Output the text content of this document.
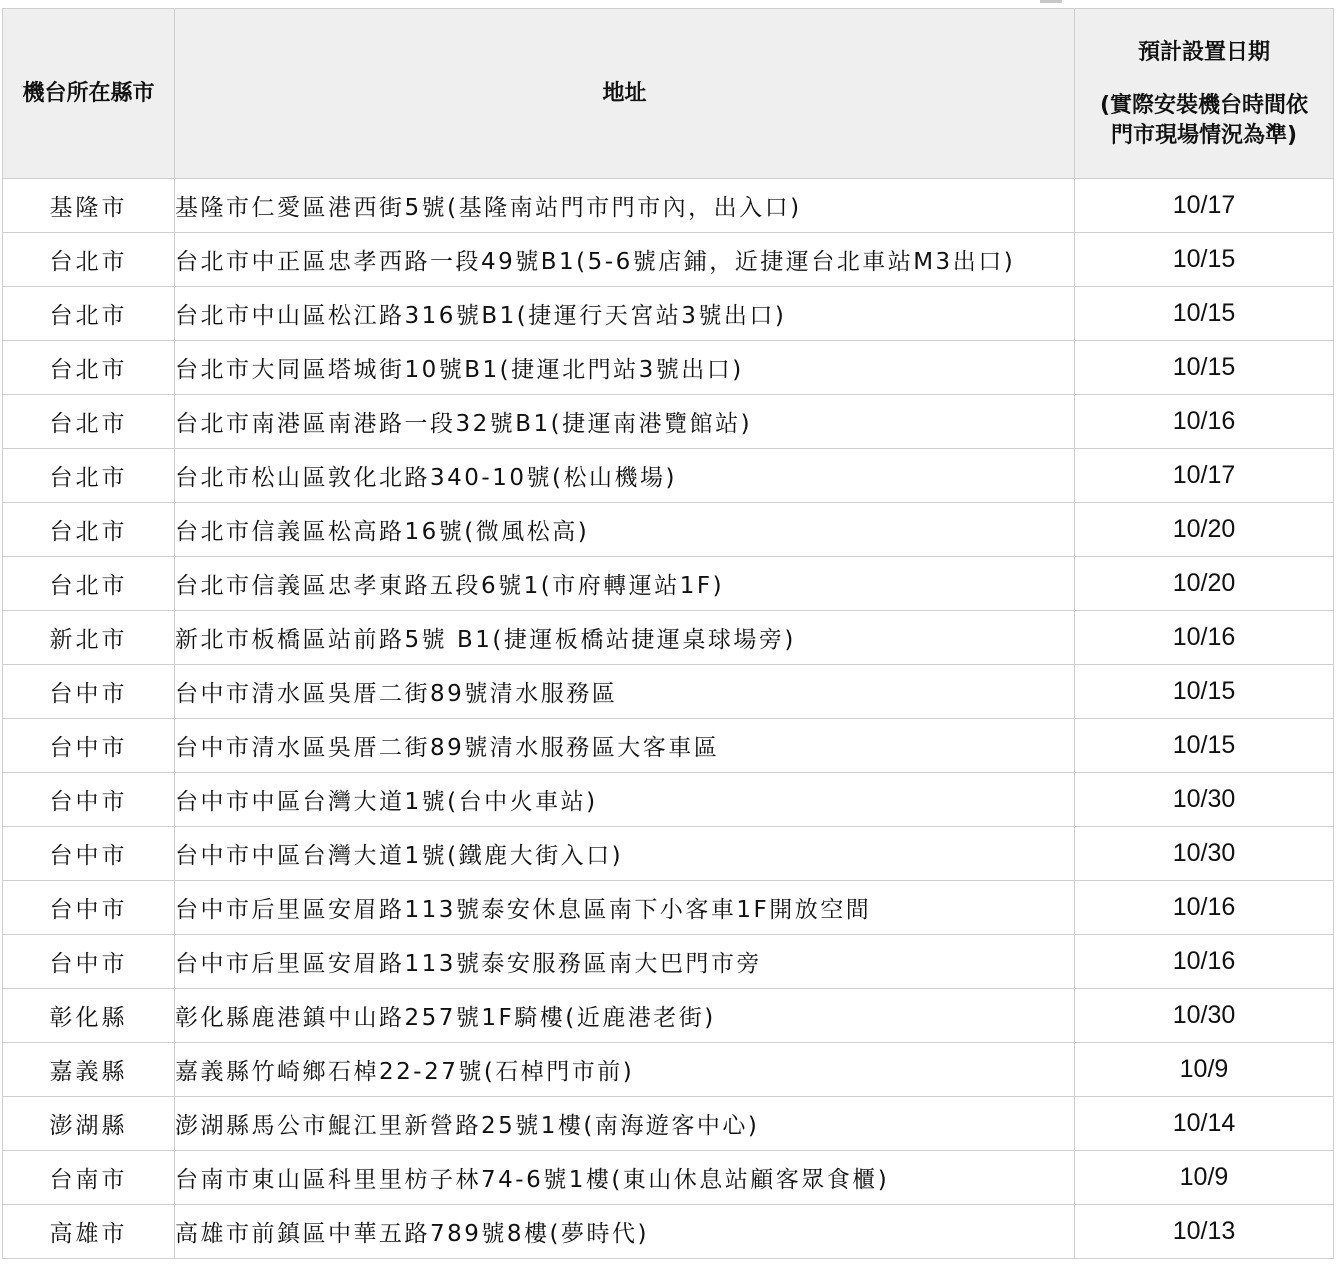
機台所在縣市	地址	預計設置日期
(實際安裝機台時間依門市現場情況為準)

基隆市	基隆市仁愛區港西街5號(基隆南站門市門市內，出入口)	10/17
台北市	台北市中正區忠孝西路一段49號B1(5-6號店鋪，近捷運台北車站M3出口)	10/15
台北市	台北市中山區松江路316號B1(捷運行天宮站3號出口)	10/15
台北市	台北市大同區塔城街10號B1(捷運北門站3號出口)	10/15
台北市	台北市南港區南港路一段32號B1(捷運南港覽館站)	10/16
台北市	台北市松山區敦化北路340-10號(松山機場)	10/17
台北市	台北市信義區松高路16號(微風松高)	10/20
台北市	台北市信義區忠孝東路五段6號1(市府轉運站1F)	10/20
新北市	新北市板橋區站前路5號 B1(捷運板橋站捷運桌球場旁)	10/16
台中市	台中市清水區吳厝二街89號清水服務區	10/15
台中市	台中市清水區吳厝二街89號清水服務區大客車區	10/15
台中市	台中市中區台灣大道1號(台中火車站)	10/30
台中市	台中市中區台灣大道1號(鐵鹿大街入口)	10/30
台中市	台中市后里區安眉路113號泰安休息區南下小客車1F開放空間	10/16
台中市	台中市后里區安眉路113號泰安服務區南大巴門市旁	10/16
彰化縣	彰化縣鹿港鎮中山路257號1F騎樓(近鹿港老街)	10/30
嘉義縣	嘉義縣竹崎鄉石棹22-27號(石棹門市前)	10/9
澎湖縣	澎湖縣馬公市鯤江里新營路25號1樓(南海遊客中心)	10/14
台南市	台南市東山區科里里枋子林74-6號1樓(東山休息站顧客眾食櫃)	10/9
高雄市	高雄市前鎮區中華五路789號8樓(夢時代)	10/13
